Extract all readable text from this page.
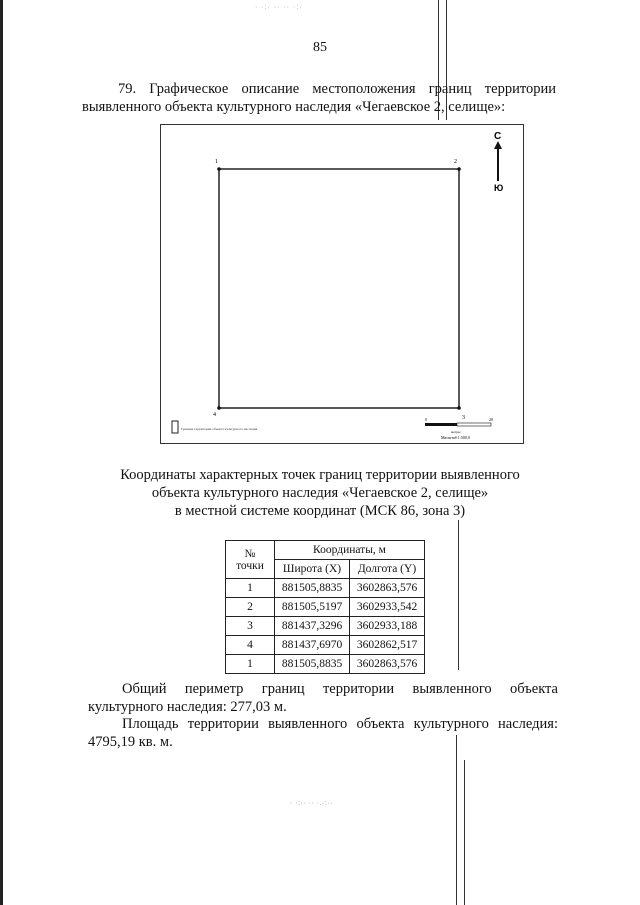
· ·:· ·· ·· ·:·
85
79. Графическое описание местоположения границ территории выявленного объекта культурного наследия «Чегаевское 2, селище»:
1	2
3
4
С
Ю
Граница территории объекта культурного наследия
0	20
метры
Масштаб 1:500,0
Координаты характерных точек границ территории выявленного
объекта культурного наследия «Чегаевское 2, селище»
в местной системе координат (МСК 86, зона 3)
№ точки	Координаты, м	
	Широта (X)	Долгота (Y)
1	881505,8835	3602863,576
2	881505,5197	3602933,542
3	881437,3296	3602933,188
4	881437,6970	3602862,517
1	881505,8835	3602863,576
Общий периметр границ территории выявленного объекта культурного наследия: 277,03 м.
Площадь территории выявленного объекта культурного наследия: 4795,19 кв. м.
· ·:·· ·· ·.·:··
